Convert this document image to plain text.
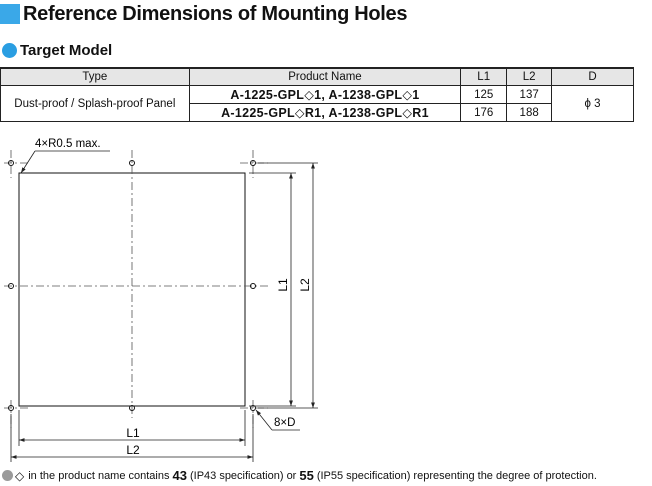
Reference Dimensions of Mounting Holes
Target Model
Type	Product Name	L1	L2	D
Dust-proof / Splash-proof Panel	A-1225-GPL◇1, A-1238-GPL◇1	125	137	ϕ 3
	A-1225-GPL◇R1, A-1238-GPL◇R1	176	188	
4×R0.5 max.
8×D
L1
L2
L1 L2
◇ in the product name contains 43 (IP43 specification) or 55 (IP55 specification) representing the degree of protection.
